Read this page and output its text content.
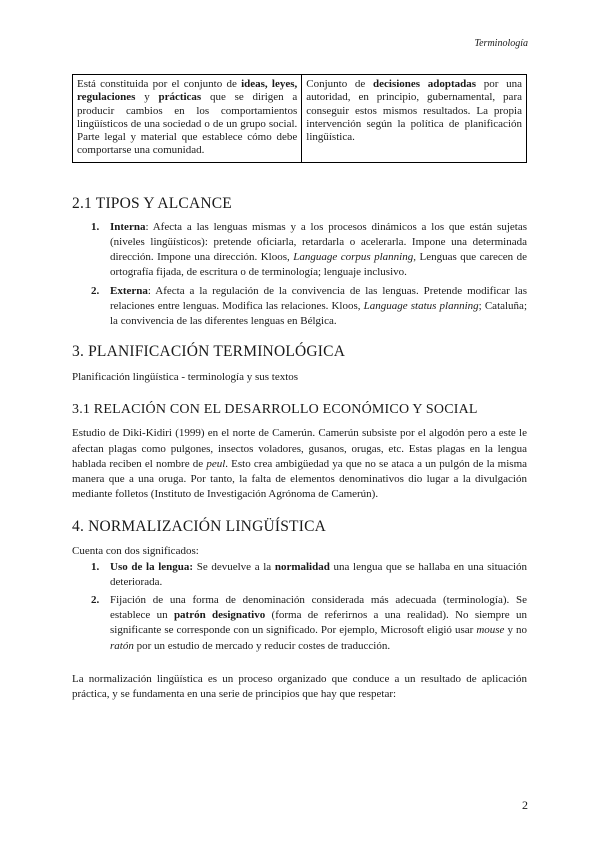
Terminología
Está constituida por el conjunto de ideas, leyes, regulaciones y prácticas que se dirigen a producir cambios en los comportamientos lingüísticos de una sociedad o de un grupo social. Parte legal y material que establece cómo debe comportarse una comunidad.	Conjunto de decisiones adoptadas por una autoridad, en principio, gubernamental, para conseguir estos mismos resultados. La propia intervención según la política de planificación lingüística.
2.1 TIPOS Y ALCANCE
1. Interna: Afecta a las lenguas mismas y a los procesos dinámicos a los que están sujetas (niveles lingüísticos): pretende oficiarla, retardarla o acelerarla. Impone una determinada dirección. Impone una dirección. Kloos, Language corpus planning, Lenguas que carecen de ortografía fijada, de escritura o de terminología; lenguaje inclusivo.
2. Externa: Afecta a la regulación de la convivencia de las lenguas. Pretende modificar las relaciones entre lenguas. Modifica las relaciones. Kloos, Language status planning; Cataluña; la convivencia de las diferentes lenguas en Bélgica.
3. PLANIFICACIÓN TERMINOLÓGICA

Planificación lingüística - terminología y sus textos

3.1 RELACIÓN CON EL DESARROLLO ECONÓMICO Y SOCIAL

Estudio de Diki-Kidiri (1999) en el norte de Camerún. Camerún subsiste por el algodón pero a este le afectan plagas como pulgones, insectos voladores, gusanos, orugas, etc. Estas plagas en la lengua hablada reciben el nombre de peul. Esto crea ambigüedad ya que no se ataca a un pulgón de la misma manera que a una oruga. Por tanto, la falta de elementos denominativos dio lugar a la divulgación mediante folletos (Instituto de Investigación Agrónoma de Camerún).

4. NORMALIZACIÓN LINGÜÍSTICA

Cuenta con dos significados:

1. Uso de la lengua: Se devuelve a la normalidad una lengua que se hallaba en una situación deteriorada.
2. Fijación de una forma de denominación considerada más adecuada (terminología). Se establece un patrón designativo (forma de referirnos a una realidad). No siempre un significante se corresponde con un significado. Por ejemplo, Microsoft eligió usar mouse y no ratón por un estudio de mercado y reducir costes de traducción.

La normalización lingüística es un proceso organizado que conduce a un resultado de aplicación práctica, y se fundamenta en una serie de principios que hay que respetar:

2
